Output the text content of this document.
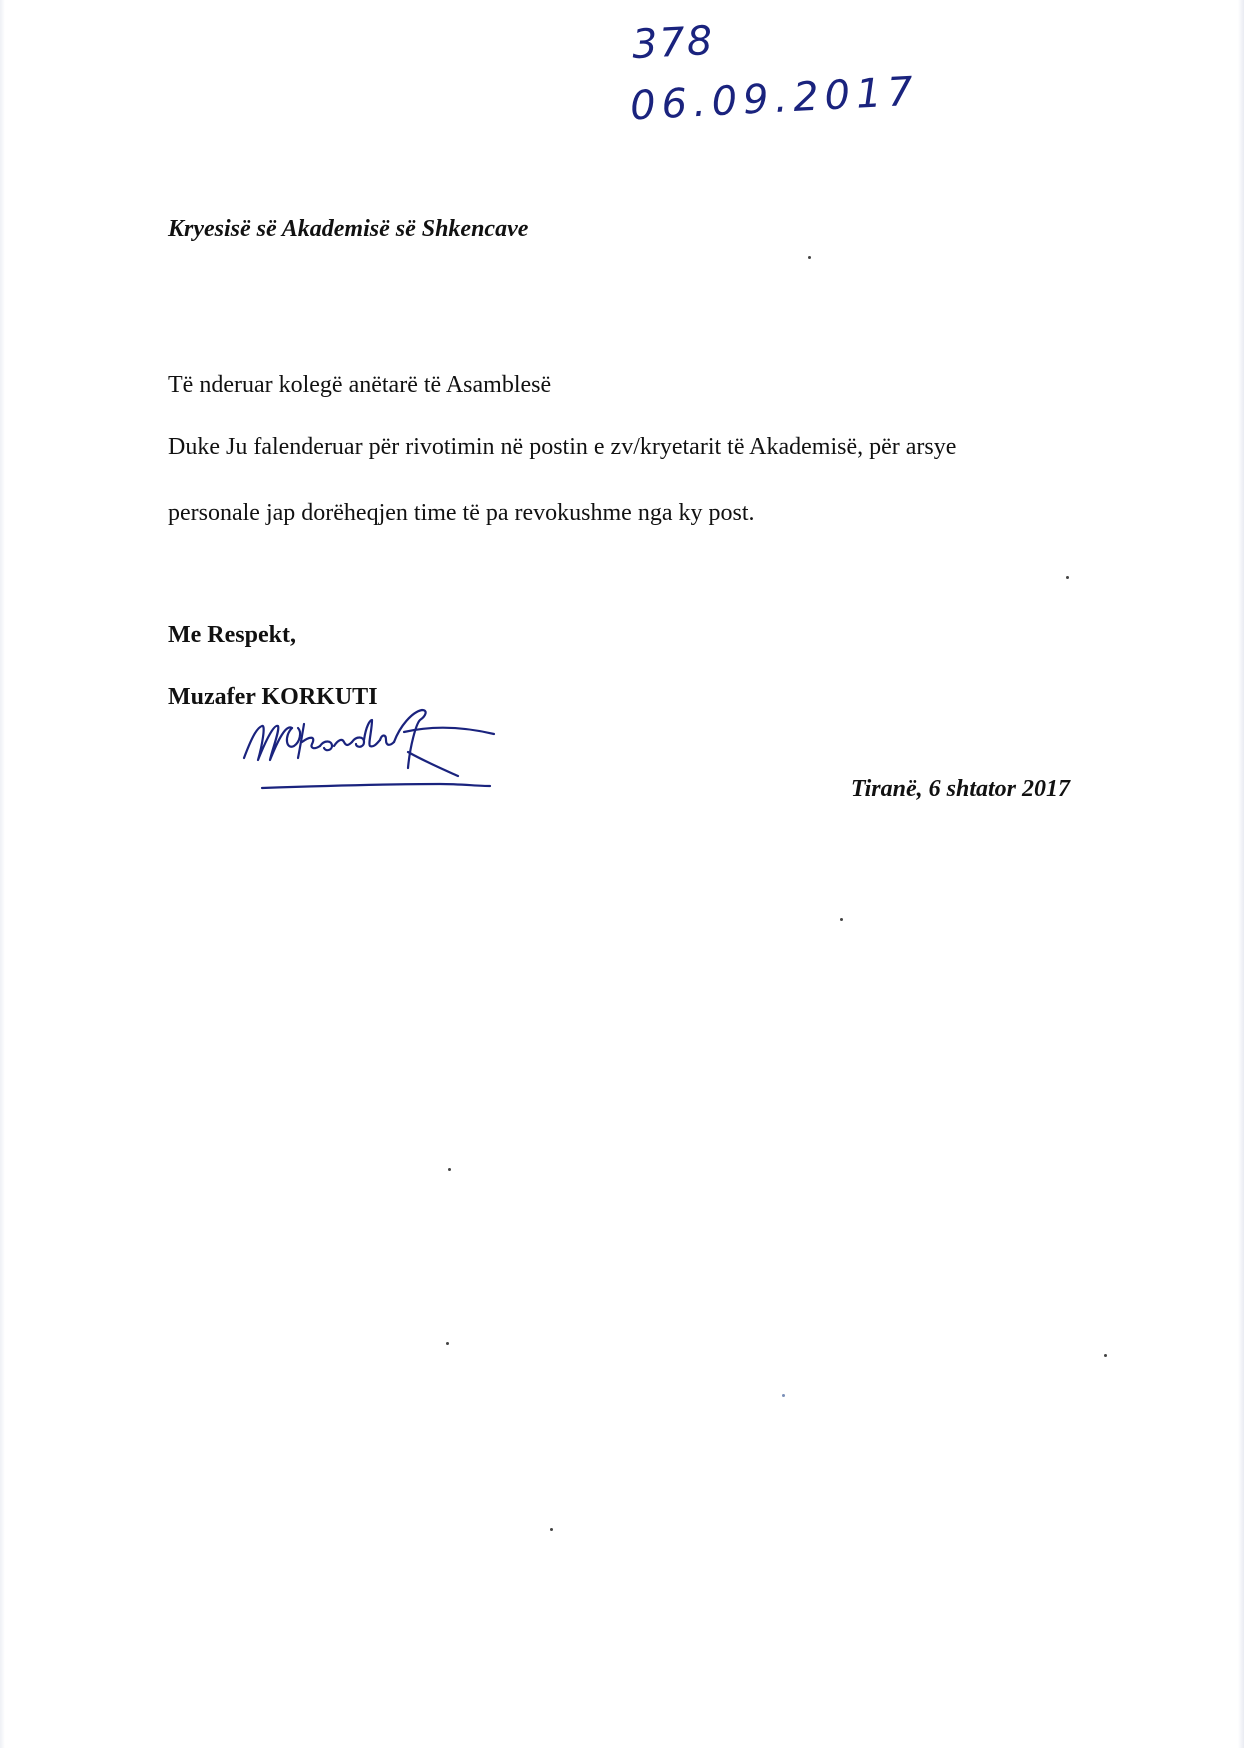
378
06.09.2017
Kryesisë së Akademisë së Shkencave
Të nderuar kolegë anëtarë të Asamblesë
Duke Ju falenderuar për rivotimin në postin e zv/kryetarit të Akademisë, për arsye
personale jap dorëheqjen time të pa revokushme nga ky post.
Me Respekt,
Muzafer KORKUTI
Tiranë, 6 shtator 2017
